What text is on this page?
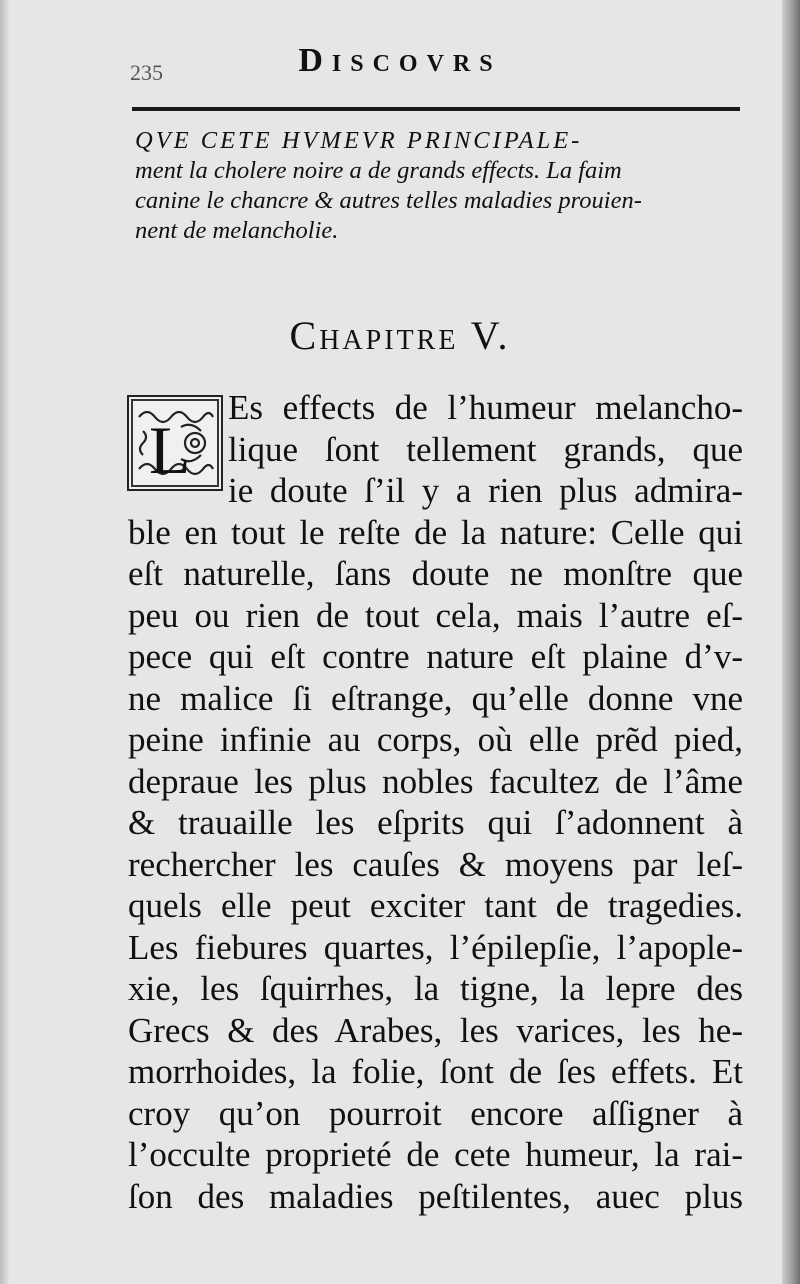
235	Discovrs
QVE CETE HVMEVR PRINCIPALE-
ment la cholere noire a de grands effects. La faim
canine le chancre & autres telles maladies prouien-
nent de melancholie.
Chapitre V.
L
Es effects de l’humeur melancho-
lique ſont tellement grands, que
ie doute ſ’il y a rien plus admira-
ble en tout le reſte de la nature: Celle qui
eſt naturelle, ſans doute ne monſtre que
peu ou rien de tout cela, mais l’autre eſ-
pece qui eſt contre nature eſt plaine d’v-
ne malice ſi eſtrange, qu’elle donne vne
peine infinie au corps, où elle prẽd pied,
depraue les plus nobles facultez de l’âme
& trauaille les eſprits qui ſ’adonnent à
rechercher les cauſes & moyens par leſ-
quels elle peut exciter tant de tragedies.
Les fiebures quartes, l’épilepſie, l’apople-
xie, les ſquirrhes, la tigne, la lepre des
Grecs & des Arabes, les varices, les he-
morrhoides, la folie, ſont de ſes effets. Et
croy qu’on pourroit encore aſſigner à
l’occulte proprieté de cete humeur, la rai-
ſon des maladies peſtilentes, auec plus
